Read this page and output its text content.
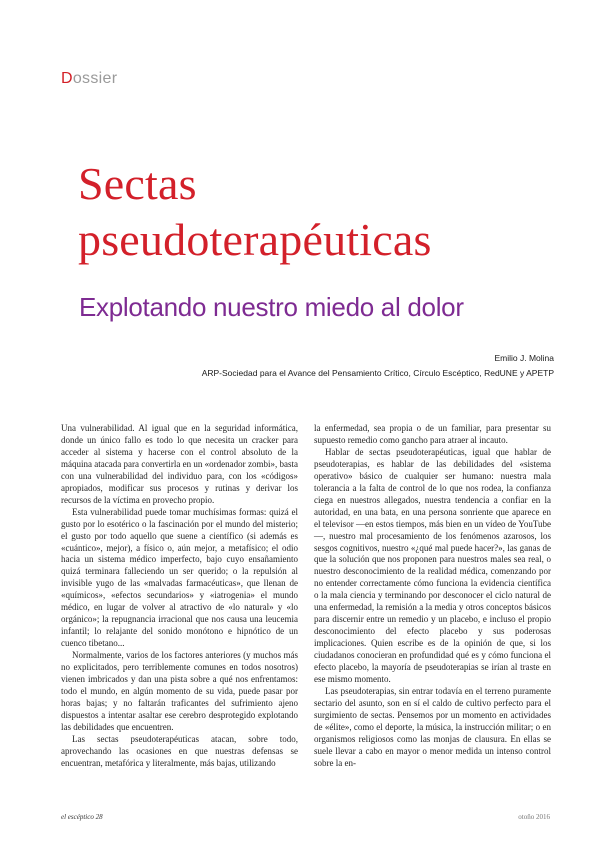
Dossier
Sectas
pseudoterapéuticas
Explotando nuestro miedo al dolor
Emilio J. Molina
ARP-Sociedad para el Avance del Pensamiento Crítico, Círculo Escéptico, RedUNE y APETP

Una vulnerabilidad. Al igual que en la seguridad informática, donde un único fallo es todo lo que necesita un cracker para acceder al sistema y hacerse con el control absoluto de la máquina atacada para convertirla en un «ordenador zombi», basta con una vulnerabilidad del individuo para, con los «códigos» apropiados, modificar sus procesos y rutinas y derivar los recursos de la víctima en provecho propio.

Esta vulnerabilidad puede tomar muchísimas formas: quizá el gusto por lo esotérico o la fascinación por el mundo del misterio; el gusto por todo aquello que suene a científico (si además es «cuántico», mejor), a físico o, aún mejor, a metafísico; el odio hacia un sistema médico imperfecto, bajo cuyo ensañamiento quizá terminara falleciendo un ser querido; o la repulsión al invisible yugo de las «malvadas farmacéuticas», que llenan de «químicos», «efectos secundarios» y «iatrogenia» el mundo médico, en lugar de volver al atractivo de «lo natural» y «lo orgánico»; la repugnancia irracional que nos causa una leucemia infantil; lo relajante del sonido monótono e hipnótico de un cuenco tibetano...

Normalmente, varios de los factores anteriores (y muchos más no explicitados, pero terriblemente comunes en todos nosotros) vienen imbricados y dan una pista sobre a qué nos enfrentamos: todo el mundo, en algún momento de su vida, puede pasar por horas bajas; y no faltarán traficantes del sufrimiento ajeno dispuestos a intentar asaltar ese cerebro desprotegido explotando las debilidades que encuentren.

Las sectas pseudoterapéuticas atacan, sobre todo, aprovechando las ocasiones en que nuestras defensas se encuentran, metafórica y literalmente, más bajas, utilizando

la enfermedad, sea propia o de un familiar, para presentar su supuesto remedio como gancho para atraer al incauto.

Hablar de sectas pseudoterapéuticas, igual que hablar de pseudoterapias, es hablar de las debilidades del «sistema operativo» básico de cualquier ser humano: nuestra mala tolerancia a la falta de control de lo que nos rodea, la confianza ciega en nuestros allegados, nuestra tendencia a confiar en la autoridad, en una bata, en una persona sonriente que aparece en el televisor —en estos tiempos, más bien en un vídeo de YouTube—, nuestro mal procesamiento de los fenómenos azarosos, los sesgos cognitivos, nuestro «¿qué mal puede hacer?», las ganas de que la solución que nos proponen para nuestros males sea real, o nuestro desconocimiento de la realidad médica, comenzando por no entender correctamente cómo funciona la evidencia científica o la mala ciencia y terminando por desconocer el ciclo natural de una enfermedad, la remisión a la media y otros conceptos básicos para discernir entre un remedio y un placebo, e incluso el propio desconocimiento del efecto placebo y sus poderosas implicaciones. Quien escribe es de la opinión de que, si los ciudadanos conocieran en profundidad qué es y cómo funciona el efecto placebo, la mayoría de pseudoterapias se irían al traste en ese mismo momento.

Las pseudoterapias, sin entrar todavía en el terreno puramente sectario del asunto, son en sí el caldo de cultivo perfecto para el surgimiento de sectas. Pensemos por un momento en actividades de «élite», como el deporte, la música, la instrucción militar; o en organismos religiosos como las monjas de clausura. En ellas se suele llevar a cabo en mayor o menor medida un intenso control sobre la en-

el escéptico 28	otoño 2016
